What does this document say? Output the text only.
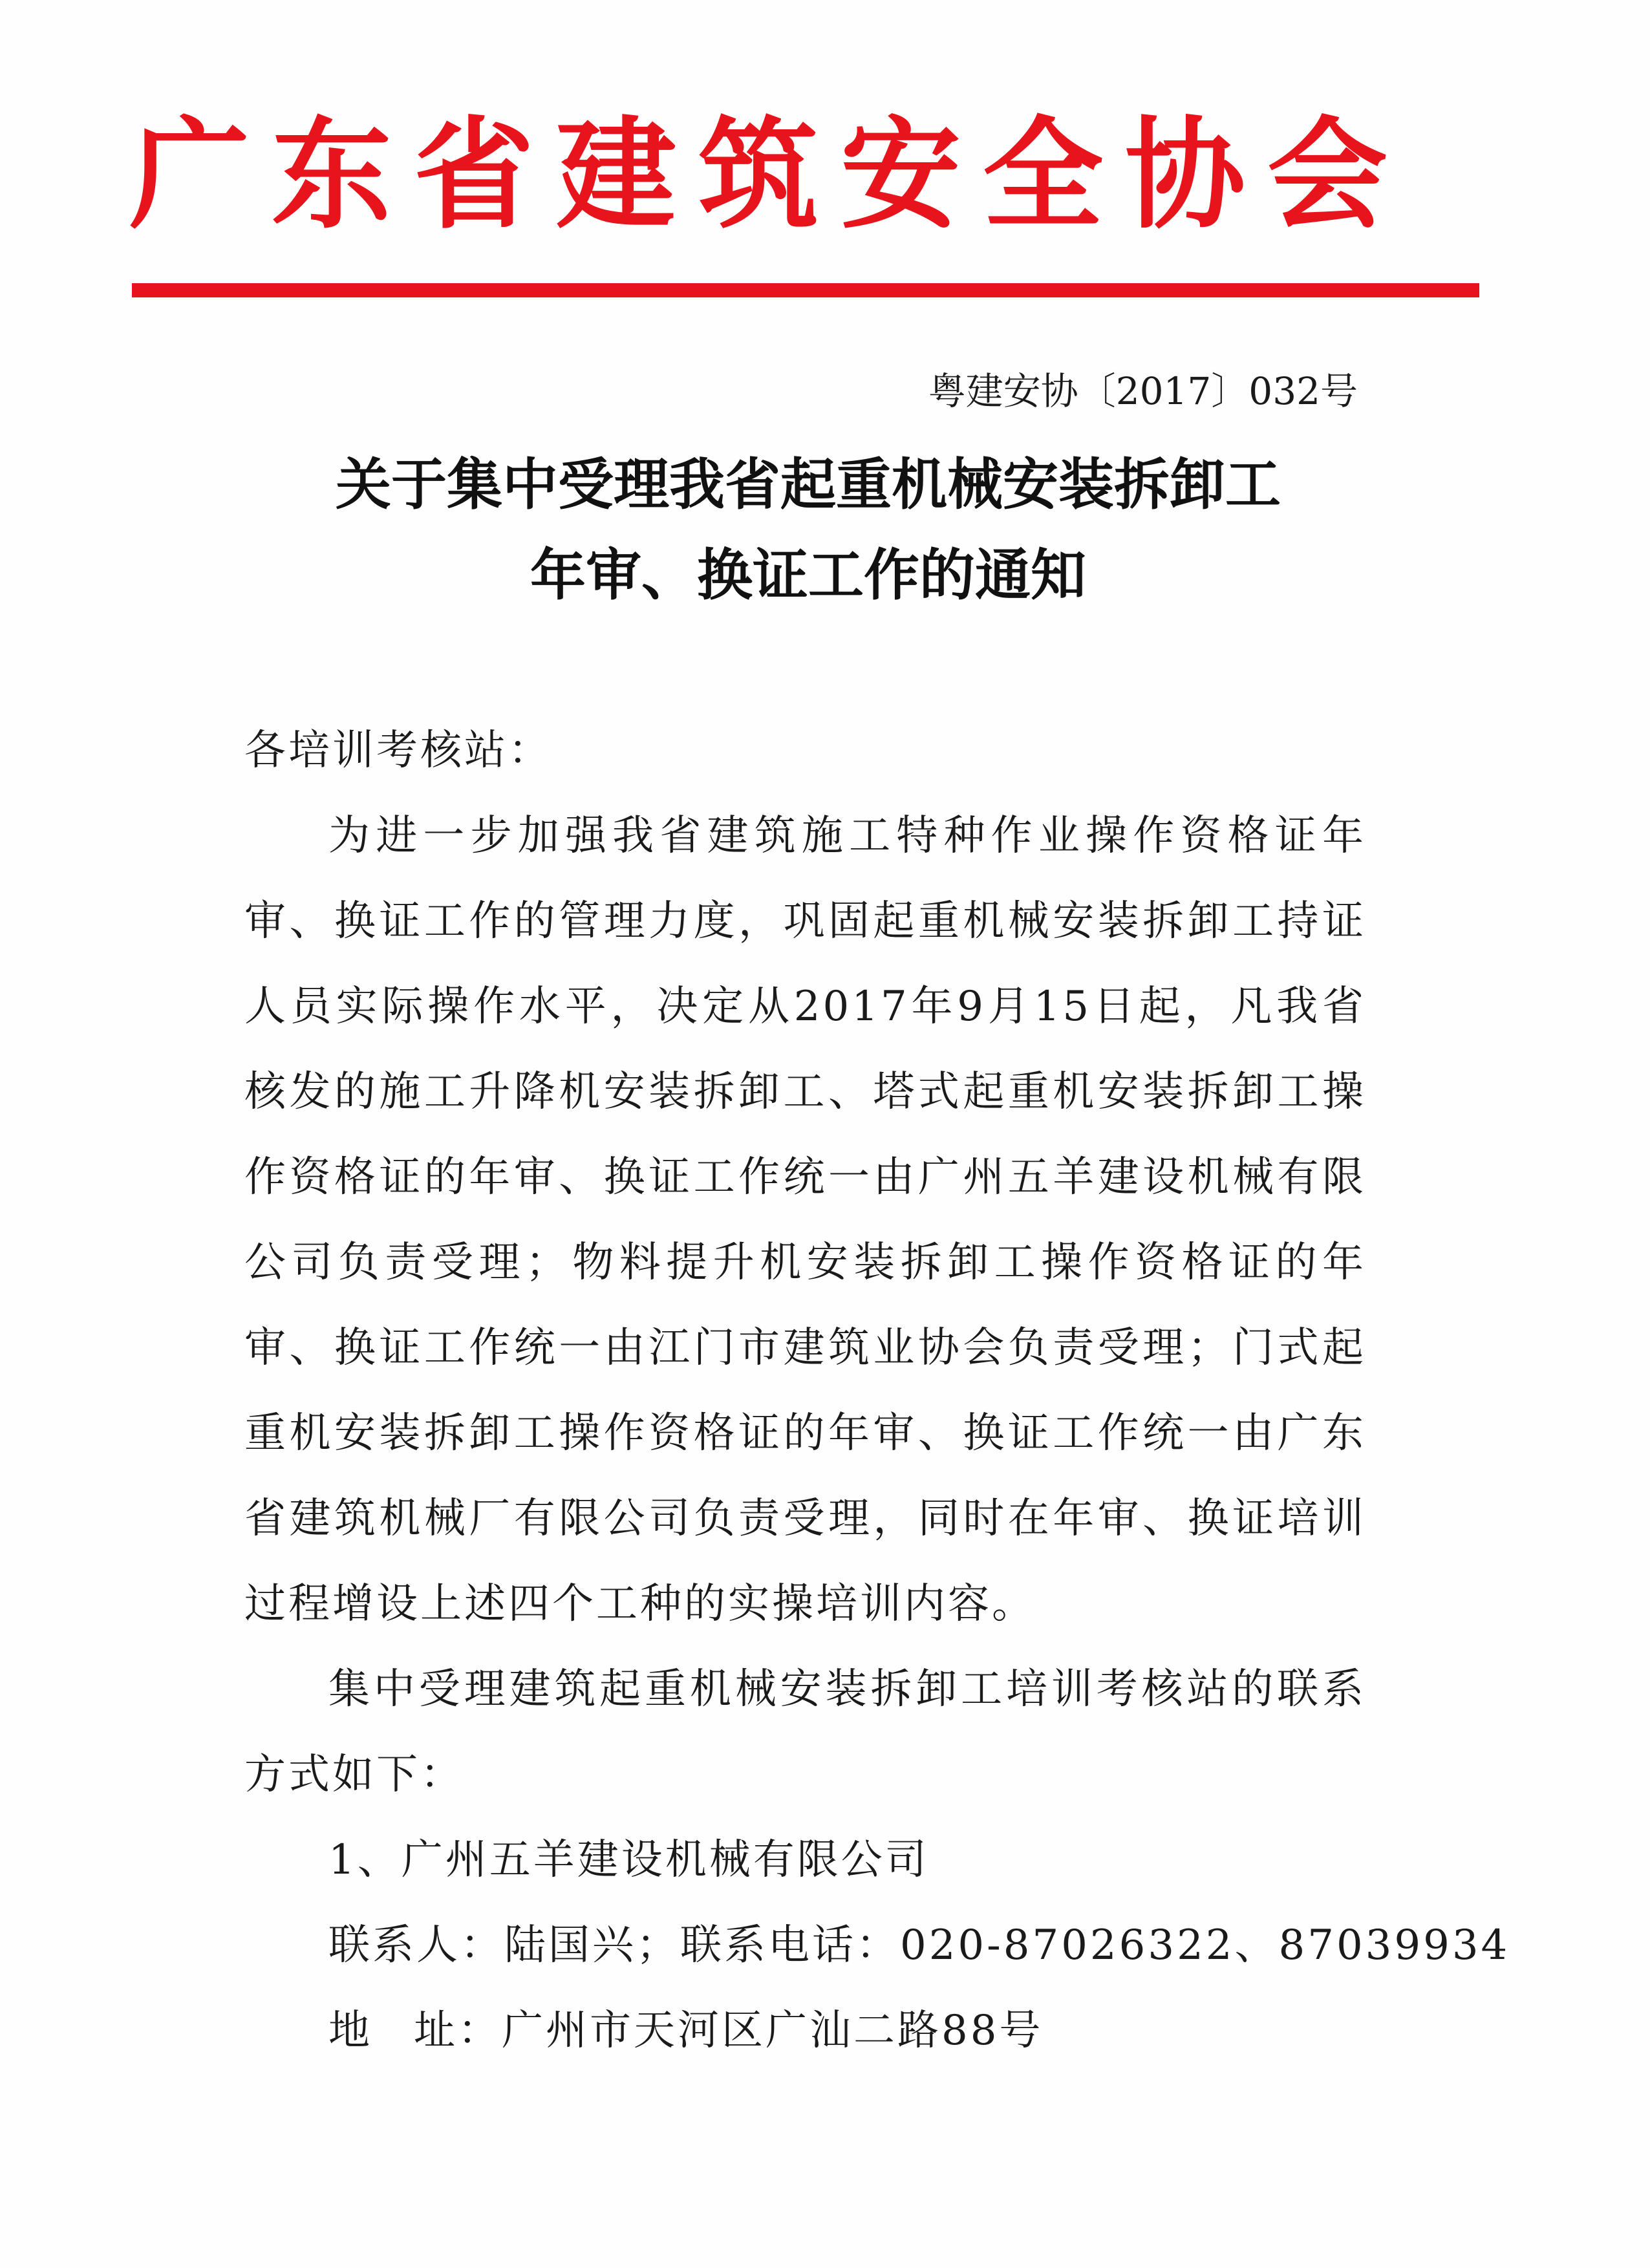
广东省建筑安全协会
粤建安协〔2017〕032号
关于集中受理我省起重机械安装拆卸工
年审、换证工作的通知
各培训考核站：

为进一步加强我省建筑施工特种作业操作资格证年审、换证工作的管理力度，巩固起重机械安装拆卸工持证人员实际操作水平，决定从2017年9月15日起，凡我省核发的施工升降机安装拆卸工、塔式起重机安装拆卸工操作资格证的年审、换证工作统一由广州五羊建设机械有限公司负责受理；物料提升机安装拆卸工操作资格证的年审、换证工作统一由江门市建筑业协会负责受理；门式起重机安装拆卸工操作资格证的年审、换证工作统一由广东省建筑机械厂有限公司负责受理，同时在年审、换证培训过程增设上述四个工种的实操培训内容。

集中受理建筑起重机械安装拆卸工培训考核站的联系方式如下：

1、广州五羊建设机械有限公司
联系人：陆国兴；联系电话：020-87026322、87039934
地 址：广州市天河区广汕二路88号
